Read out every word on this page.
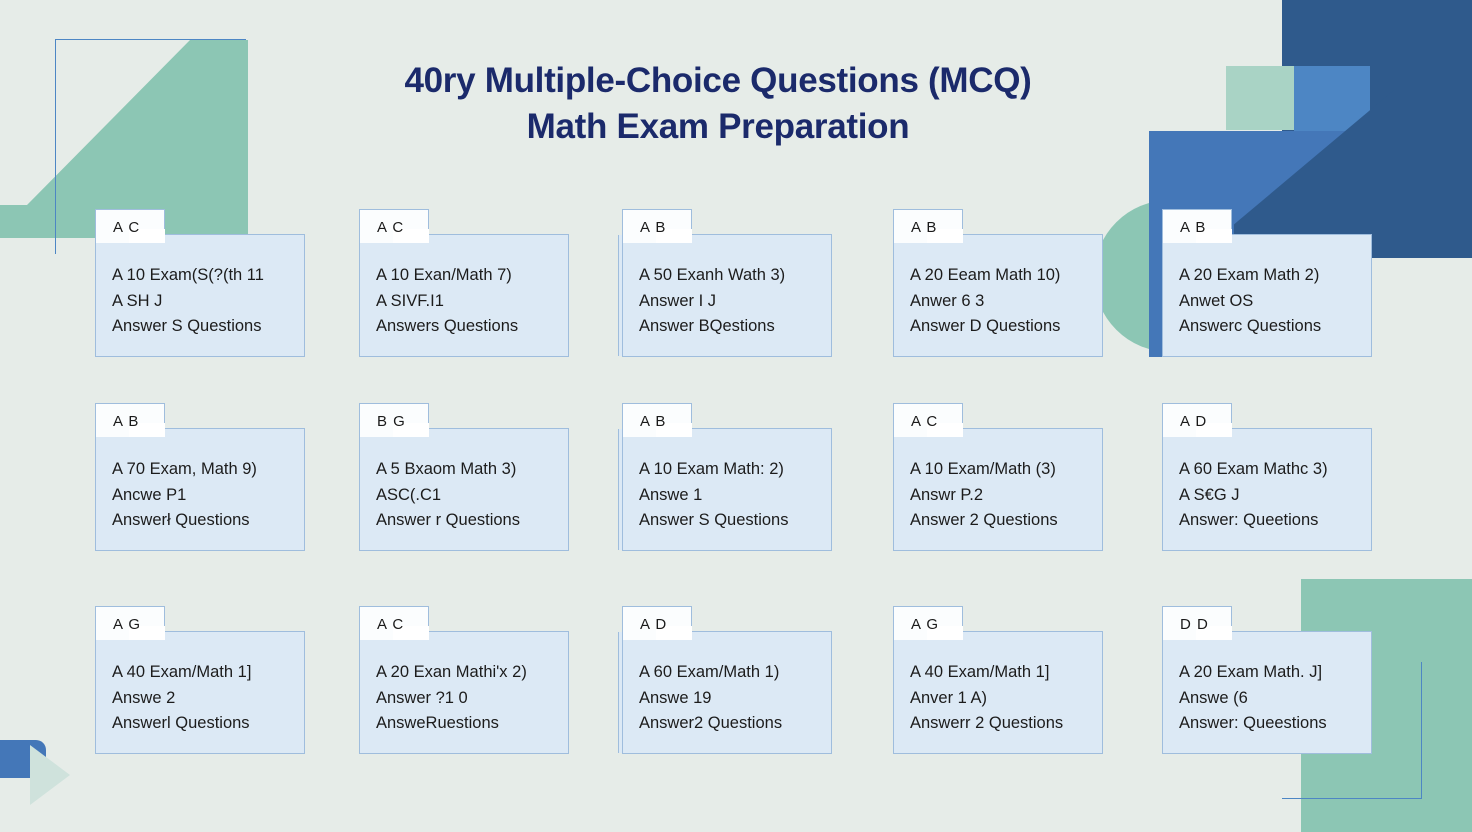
40ry Multiple-Choice Questions (MCQ)
Math Exam Preparation
A C
A 10 Exam(S(?(th 11
A SH J
Answer S Questions
A C
A 10 Exan/Math 7)
A SIVF.I1
Answers Questions
A B
A 50 Exanh Wath 3)
Answer I J
Answer BQestions
A B
A 20 Eeam Math 10)
Anwer 6 3
Answer D Questions
A B
A 20 Exam Math 2)
Anwet OS
Answerc Questions
A B
A 70 Exam, Math 9)
Ancwe P1
Answerł Questions
B G
A 5 Bxaom Math 3)
ASC(.C1
Answer r Questions
A B
A 10 Exam Math: 2)
Answe 1
Answer S Questions
A C
A 10 Exam/Math (3)
Answr P.2
Answer 2 Questions
A D
A 60 Exam Mathc 3)
A S€G J
Answer: Queetions
A G
A 40 Exam/Math 1]
Answe 2
Answerl Questions
A C
A 20 Exan Mathi'x 2)
Answer ?1 0
AnsweRuestions
A D
A 60 Exam/Math 1)
Answe 19
Answer2 Questions
A G
A 40 Exam/Math 1]
Anver 1 A)
Answerr 2 Questions
D D
A 20 Exam Math. J]
Answe (6
Answer: Queestions
